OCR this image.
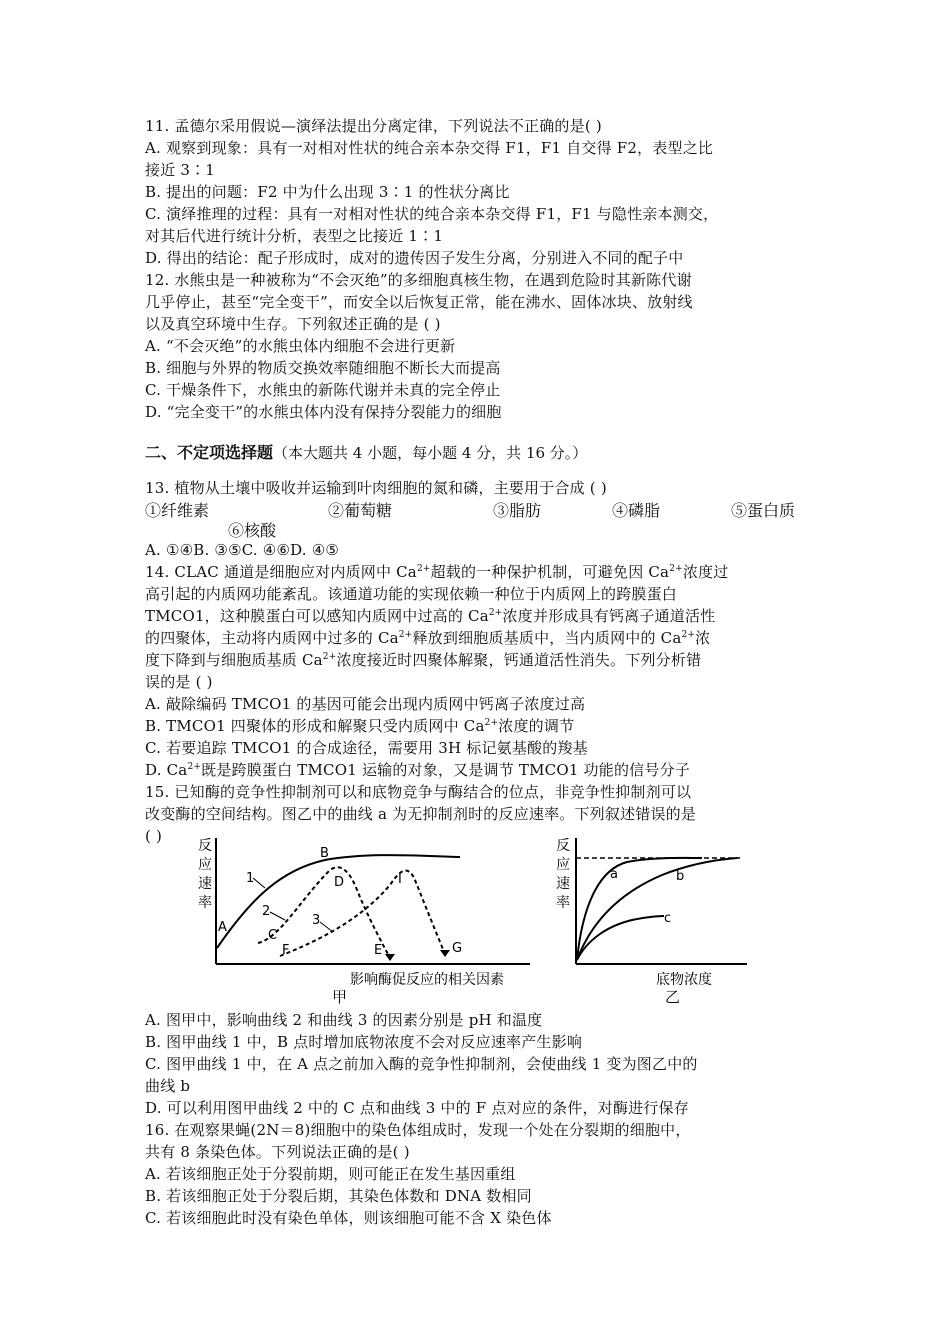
11. 孟德尔采用假说—演绎法提出分离定律，下列说法不正确的是( )
A. 观察到现象：具有一对相对性状的纯合亲本杂交得 F1，F1 自交得 F2，表型之比
接近 3∶1
B. 提出的问题：F2 中为什么出现 3∶1 的性状分离比
C. 演绎推理的过程：具有一对相对性状的纯合亲本杂交得 F1，F1 与隐性亲本测交，
对其后代进行统计分析，表型之比接近 1∶1
D. 得出的结论：配子形成时，成对的遗传因子发生分离，分别进入不同的配子中
12. 水熊虫是一种被称为“不会灭绝”的多细胞真核生物，在遇到危险时其新陈代谢
几乎停止，甚至“完全变干”，而安全以后恢复正常，能在沸水、固体冰块、放射线
以及真空环境中生存。下列叙述正确的是 ( )
A. “不会灭绝”的水熊虫体内细胞不会进行更新
B. 细胞与外界的物质交换效率随细胞不断长大而提高
C. 干燥条件下，水熊虫的新陈代谢并未真的完全停止
D. “完全变干”的水熊虫体内没有保持分裂能力的细胞
二、不定项选择题（本大题共 4 小题，每小题 4 分，共 16 分。）
13. 植物从土壤中吸收并运输到叶肉细胞的氮和磷，主要用于合成 ( )
①纤维素	②葡萄糖	③脂肪	④磷脂	⑤蛋白质
⑥核酸
A. ①④B. ③⑤C. ④⑥D. ④⑤
14. CLAC 通道是细胞应对内质网中 $Ca^{2+}$超载的一种保护机制，可避免因 $Ca^{2+}$浓度过
高引起的内质网功能紊乱。该通道功能的实现依赖一种位于内质网上的跨膜蛋白
TMCO1，这种膜蛋白可以感知内质网中过高的 $Ca^{2+}$浓度并形成具有钙离子通道活性
的四聚体，主动将内质网中过多的 $Ca^{2+}$释放到细胞质基质中，当内质网中的 $Ca^{2+}$浓
度下降到与细胞质基质 $Ca^{2+}$浓度接近时四聚体解聚，钙通道活性消失。下列分析错
误的是 ( )
A. 敲除编码 TMCO1 的基因可能会出现内质网中钙离子浓度过高
B. TMCO1 四聚体的形成和解聚只受内质网中 $Ca^{2+}$浓度的调节
C. 若要追踪 TMCO1 的合成途径，需要用 3H 标记氨基酸的羧基
D. $Ca^{2+}$既是跨膜蛋白 TMCO1 运输的对象，又是调节 TMCO1 功能的信号分子
15. 已知酶的竞争性抑制剂可以和底物竞争与酶结合的位点，非竞争性抑制剂可以
改变酶的空间结构。图乙中的曲线 a 为无抑制剂时的反应速率。下列叙述错误的是
( )
反
应
速
率
1
2
3
A
B
C
D
E
F	G
I
影响酶促反应的相关因素
甲
反
应
速
率
a	b
c
底物浓度
乙
A. 图甲中，影响曲线 2 和曲线 3 的因素分别是 pH 和温度
B. 图甲曲线 1 中，B 点时增加底物浓度不会对反应速率产生影响
C. 图甲曲线 1 中，在 A 点之前加入酶的竞争性抑制剂，会使曲线 1 变为图乙中的
曲线 b
D. 可以利用图甲曲线 2 中的 C 点和曲线 3 中的 F 点对应的条件，对酶进行保存
16. 在观察果蝇(2N＝8)细胞中的染色体组成时，发现一个处在分裂期的细胞中，
共有 8 条染色体。下列说法正确的是( )
A. 若该细胞正处于分裂前期，则可能正在发生基因重组
B. 若该细胞正处于分裂后期，其染色体数和 DNA 数相同
C. 若该细胞此时没有染色单体，则该细胞可能不含 X 染色体
